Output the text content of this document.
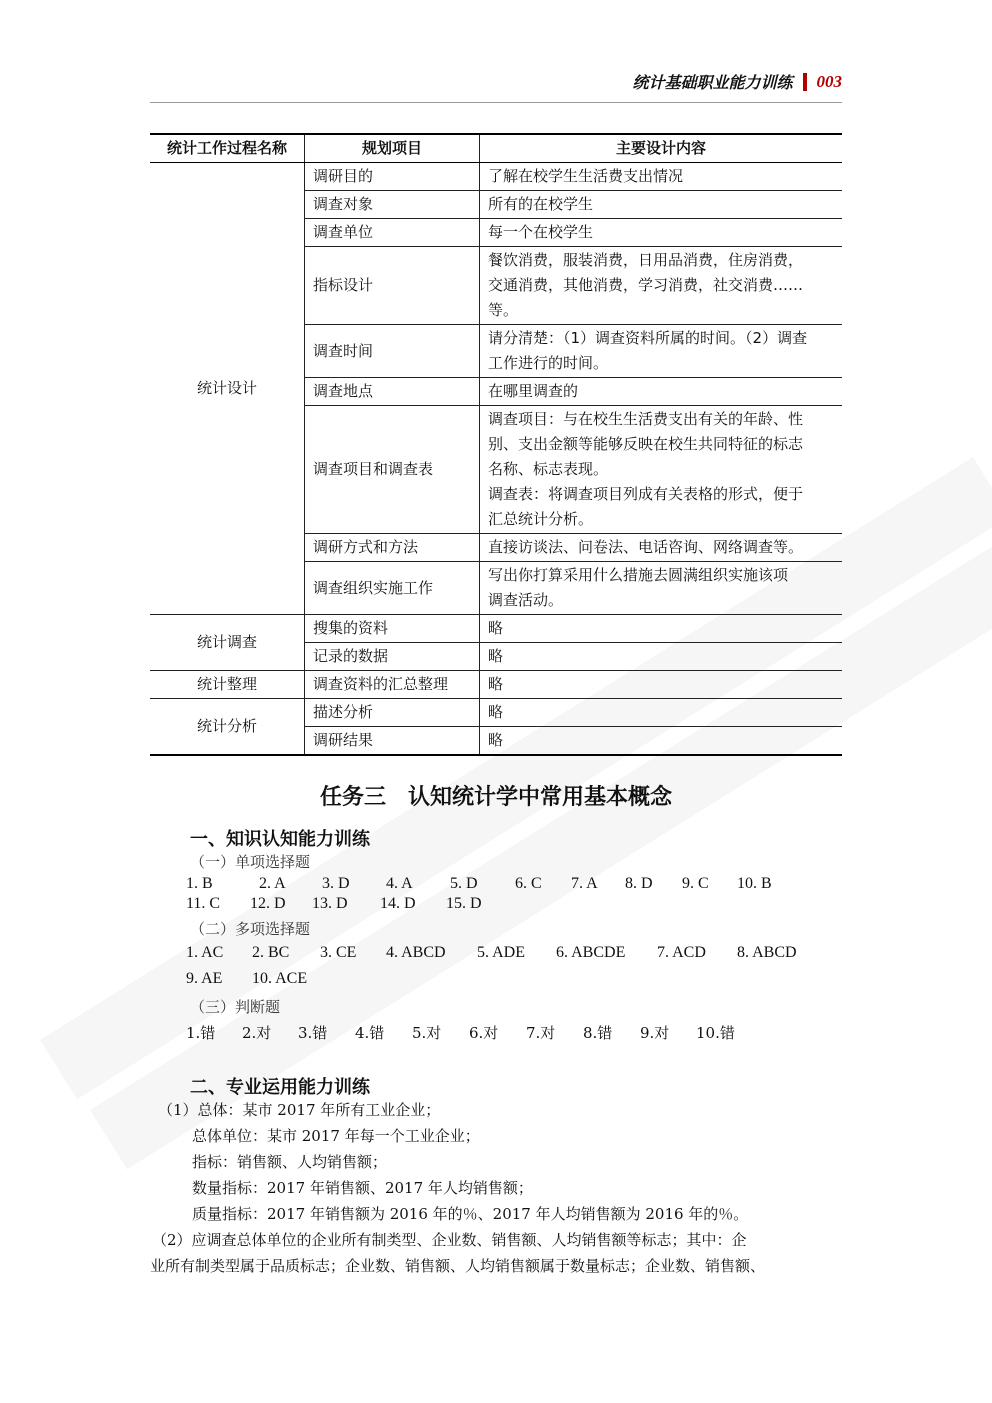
统计基础职业能力训练 003
统计工作过程名称	规划项目	主要设计内容
统计设计	调研目的	了解在校学生生活费支出情况

	调查对象	所有的在校学生

	调查单位	每一个在校学生

	指标设计	餐饮消费，服装消费，日用品消费，住房消费，
交通消费，其他消费，学习消费，社交消费……
等。

	调查时间	请分清楚：（1）调查资料所属的时间。（2）调查
工作进行的时间。

	调查地点	在哪里调查的

	调查项目和调查表	调查项目：与在校生生活费支出有关的年龄、性
别、支出金额等能够反映在校生共同特征的标志
名称、标志表现。
调查表：将调查项目列成有关表格的形式，便于
汇总统计分析。

	调研方式和方法	直接访谈法、问卷法、电话咨询、网络调查等。

	调查组织实施工作	写出你打算采用什么措施去圆满组织实施该项
调查活动。

统计调查	搜集的资料	略
	记录的数据	略
统计整理	调查资料的汇总整理	略
统计分析	描述分析	略
	调研结果	略
任务三　认知统计学中常用基本概念
一、知识认知能力训练
（一）单项选择题
1. B	2. A 3. D 4. A 5. D 6. C 7. A 8. D 9. C 10. B
11. C 12. D 13. D 14. D 15. D
（二）多项选择题
1. AC 2. BC 3. CE 4. ABCD 5. ADE 6. ABCDE 7. ACD 8. ABCD
9. AE 10. ACE
（三）判断题
1.错 2.对 3.错 4.错 5.对 6.对 7.对 8.错 9.对 10.错
二、专业运用能力训练
（1）总体：某市 2017 年所有工业企业；
总体单位：某市 2017 年每一个工业企业；
指标：销售额、人均销售额；
数量指标：2017 年销售额、2017 年人均销售额；
质量指标：2017 年销售额为 2016 年的％、2017 年人均销售额为 2016 年的％。
（2）应调查总体单位的企业所有制类型、企业数、销售额、人均销售额等标志；其中：企
业所有制类型属于品质标志；企业数、销售额、人均销售额属于数量标志；企业数、销售额、
